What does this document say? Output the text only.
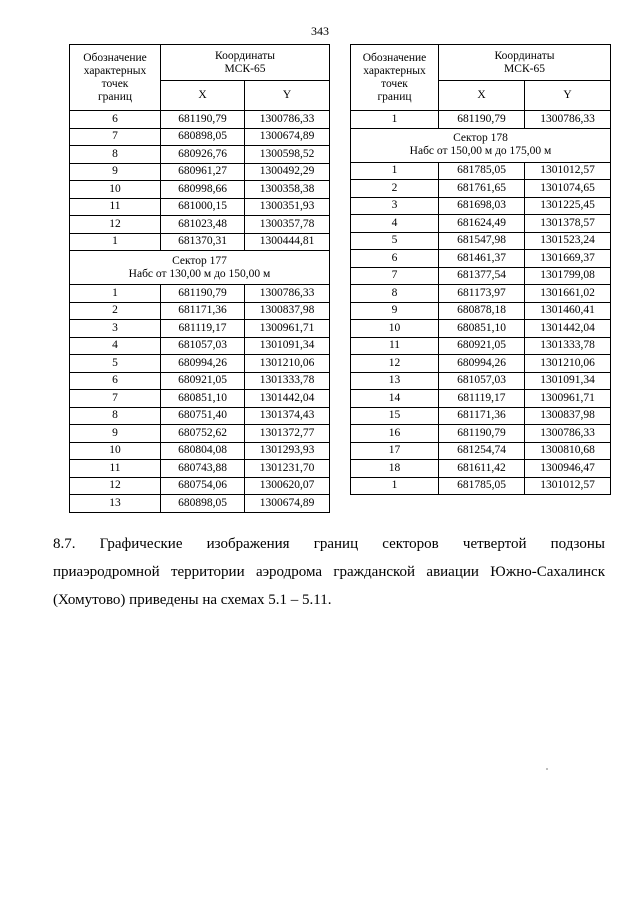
343
Обозначение
характерных
точек
границ	Координаты
МСК-65	
	X	Y
6	681190,79	1300786,33
7	680898,05	1300674,89
8	680926,76	1300598,52
9	680961,27	1300492,29
10	680998,66	1300358,38
11	681000,15	1300351,93
12	681023,48	1300357,78
1	681370,31	1300444,81
Сектор 177
Набс от 130,00 м до 150,00 м		
1	681190,79	1300786,33
2	681171,36	1300837,98
3	681119,17	1300961,71
4	681057,03	1301091,34
5	680994,26	1301210,06
6	680921,05	1301333,78
7	680851,10	1301442,04
8	680751,40	1301374,43
9	680752,62	1301372,77
10	680804,08	1301293,93
11	680743,88	1301231,70
12	680754,06	1300620,07
13	680898,05	1300674,89
Обозначение
характерных
точек
границ	Координаты
МСК-65	
	X	Y
1	681190,79	1300786,33
Сектор 178
Набс от 150,00 м до 175,00 м		
1	681785,05	1301012,57
2	681761,65	1301074,65
3	681698,03	1301225,45
4	681624,49	1301378,57
5	681547,98	1301523,24
6	681461,37	1301669,37
7	681377,54	1301799,08
8	681173,97	1301661,02
9	680878,18	1301460,41
10	680851,10	1301442,04
11	680921,05	1301333,78
12	680994,26	1301210,06
13	681057,03	1301091,34
14	681119,17	1300961,71
15	681171,36	1300837,98
16	681190,79	1300786,33
17	681254,74	1300810,68
18	681611,42	1300946,47
1	681785,05	1301012,57
8.7. Графические изображения границ секторов четвертой подзоны
приаэродромной территории аэродрома гражданской авиации Южно-Сахалинск
(Хомутово) приведены на схемах 5.1 – 5.11.
